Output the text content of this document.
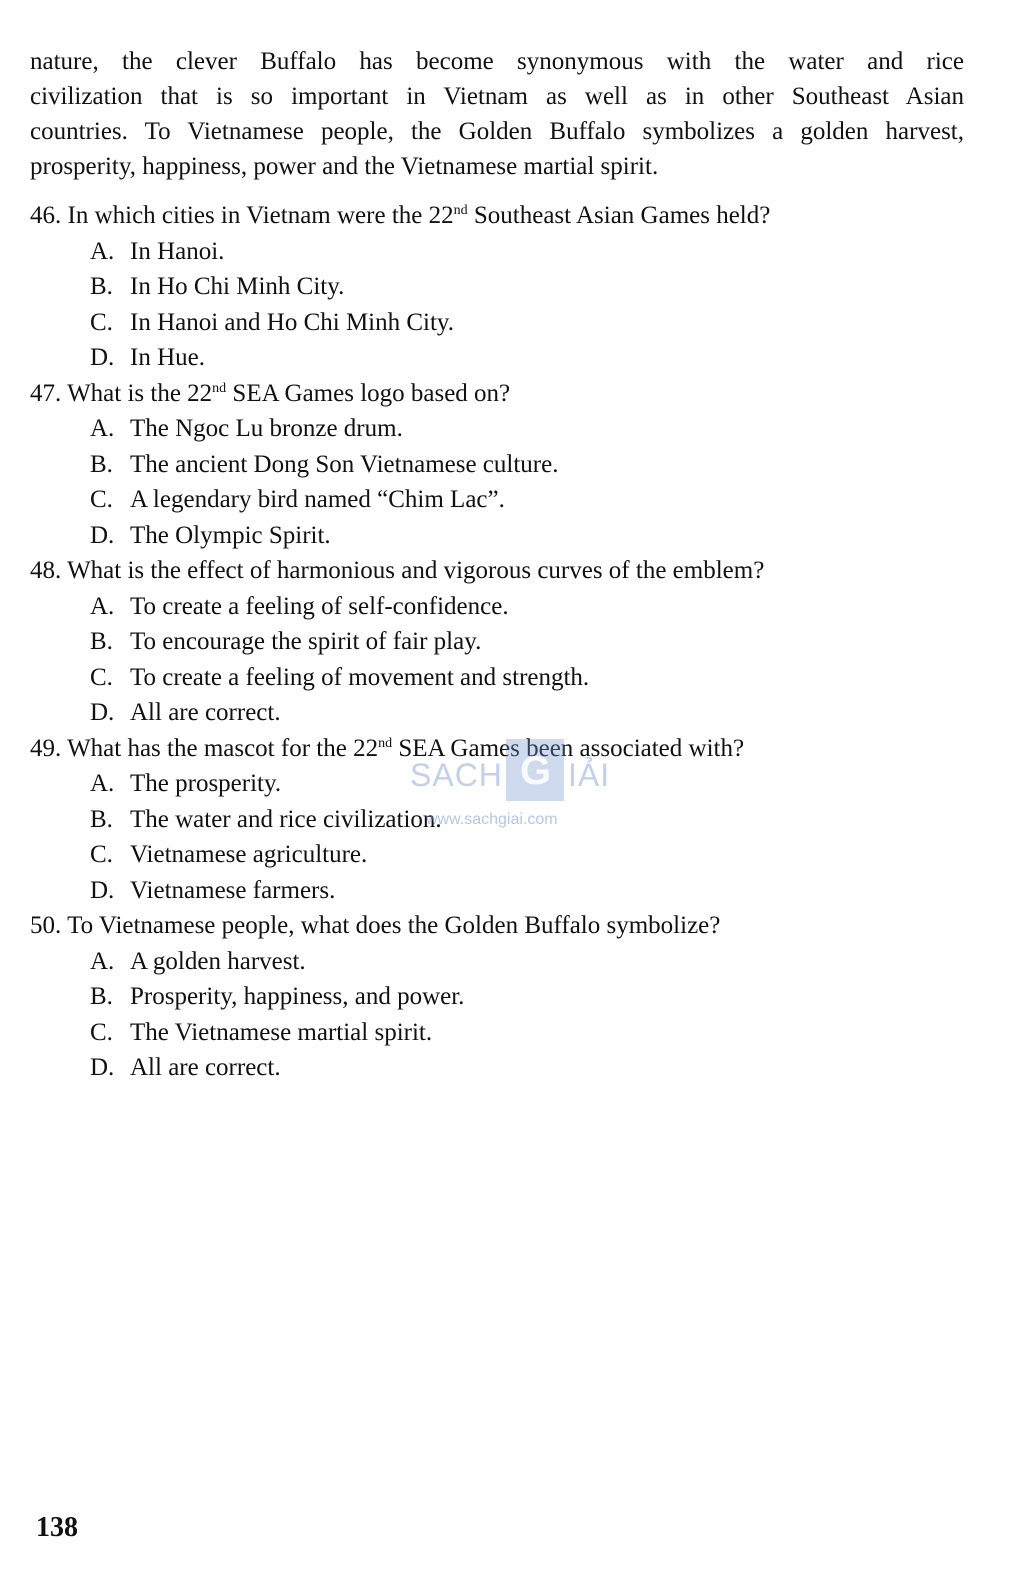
nature, the clever Buffalo has become synonymous with the water and rice
civilization that is so important in Vietnam as well as in other Southeast Asian
countries. To Vietnamese people, the Golden Buffalo symbolizes a golden harvest,
prosperity, happiness, power and the Vietnamese martial spirit.

46. In which cities in Vietnam were the 22nd Southeast Asian Games held?
A. In Hanoi.
B. In Ho Chi Minh City.
C. In Hanoi and Ho Chi Minh City.
D. In Hue.
47. What is the 22nd SEA Games logo based on?
A. The Ngoc Lu bronze drum.
B. The ancient Dong Son Vietnamese culture.
C. A legendary bird named “Chim Lac”.
D. The Olympic Spirit.
48. What is the effect of harmonious and vigorous curves of the emblem?
A. To create a feeling of self-confidence.
B. To encourage the spirit of fair play.
C. To create a feeling of movement and strength.
D. All are correct.
49. What has the mascot for the 22nd SEA Games been associated with?
A. The prosperity.
B. The water and rice civilization.
C. Vietnamese agriculture.
D. Vietnamese farmers.
50. To Vietnamese people, what does the Golden Buffalo symbolize?
A. A golden harvest.
B. Prosperity, happiness, and power.
C. The Vietnamese martial spirit.
D. All are correct.
SACH G IẢI
www.sachgiai.com
138
